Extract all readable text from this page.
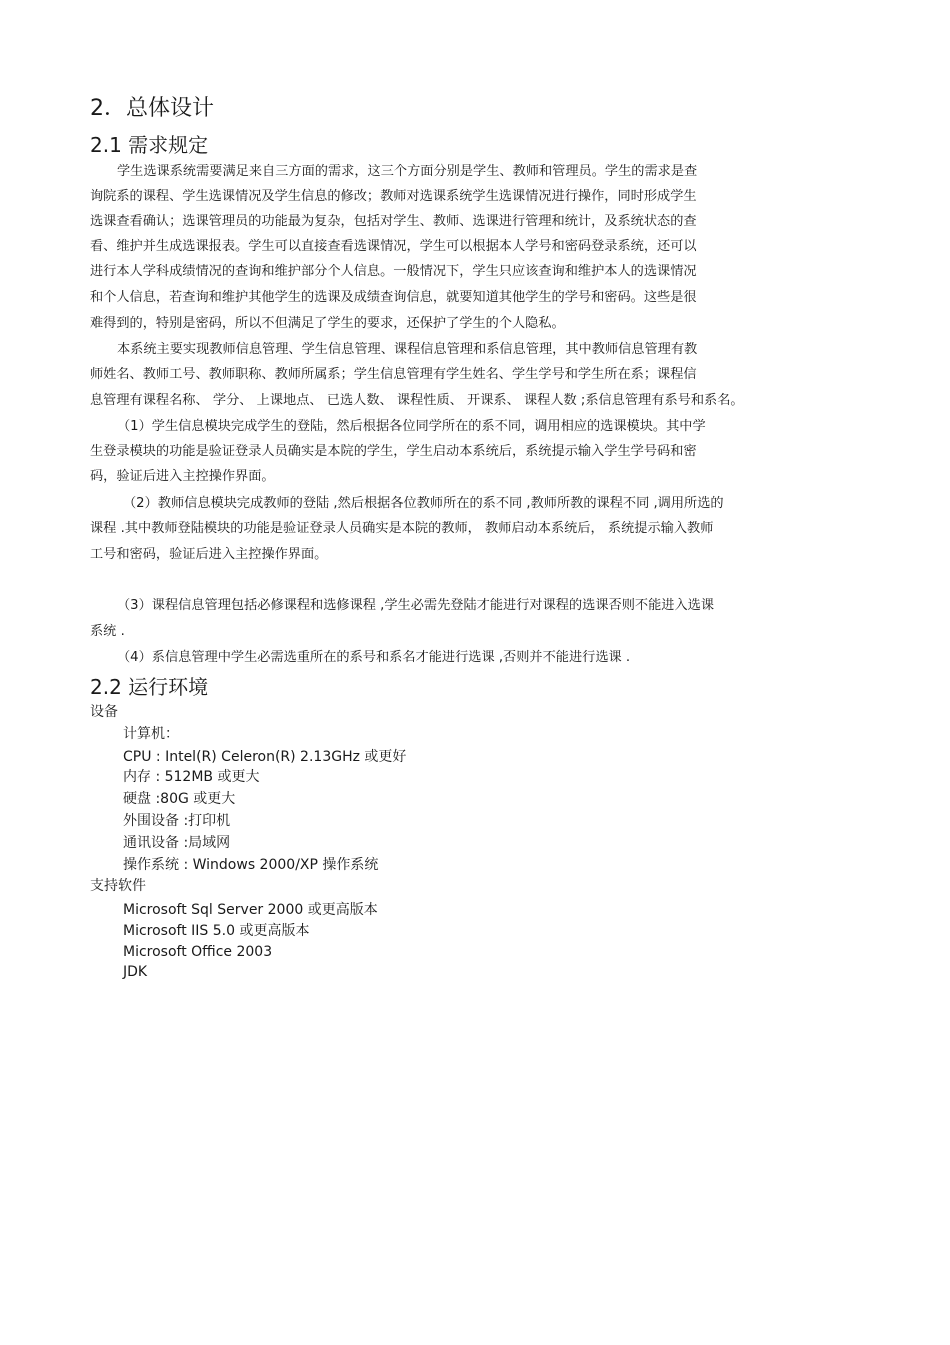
2．总体设计
2.1 需求规定
学生选课系统需要满足来自三方面的需求，这三个方面分别是学生、教师和管理员。学生的需求是查
询院系的课程、学生选课情况及学生信息的修改；教师对选课系统学生选课情况进行操作，同时形成学生
选课查看确认；选课管理员的功能最为复杂，包括对学生、教师、选课进行管理和统计，及系统状态的查
看、维护并生成选课报表。学生可以直接查看选课情况，学生可以根据本人学号和密码登录系统，还可以
进行本人学科成绩情况的查询和维护部分个人信息。一般情况下，学生只应该查询和维护本人的选课情况
和个人信息，若查询和维护其他学生的选课及成绩查询信息，就要知道其他学生的学号和密码。这些是很
难得到的，特别是密码，所以不但满足了学生的要求，还保护了学生的个人隐私。
本系统主要实现教师信息管理、学生信息管理、课程信息管理和系信息管理，其中教师信息管理有教
师姓名、教师工号、教师职称、教师所属系；学生信息管理有学生姓名、学生学号和学生所在系；课程信
息管理有课程名称、 学分、 上课地点、 已选人数、 课程性质、 开课系、 课程人数 ;系信息管理有系号和系名。
（1）学生信息模块完成学生的登陆，然后根据各位同学所在的系不同，调用相应的选课模块。其中学
生登录模块的功能是验证登录人员确实是本院的学生，学生启动本系统后，系统提示输入学生学号码和密
码，验证后进入主控操作界面。
（2）教师信息模块完成教师的登陆 ,然后根据各位教师所在的系不同 ,教师所教的课程不同 ,调用所选的
课程 .其中教师登陆模块的功能是验证登录人员确实是本院的教师， 教师启动本系统后， 系统提示输入教师
工号和密码，验证后进入主控操作界面。
（3）课程信息管理包括必修课程和选修课程 ,学生必需先登陆才能进行对课程的选课否则不能进入选课
系统 .
（4）系信息管理中学生必需选重所在的系号和系名才能进行选课 ,否则并不能进行选课 .
2.2 运行环境
设备
计算机：
CPU : Intel(R) Celeron(R) 2.13GHz 或更好
内存 : 512MB 或更大
硬盘 :80G 或更大
外围设备 :打印机
通讯设备 :局域网
操作系统 : Windows 2000/XP 操作系统
支持软件
Microsoft Sql Server 2000 或更高版本
Microsoft IIS 5.0 或更高版本
Microsoft Office 2003
JDK
